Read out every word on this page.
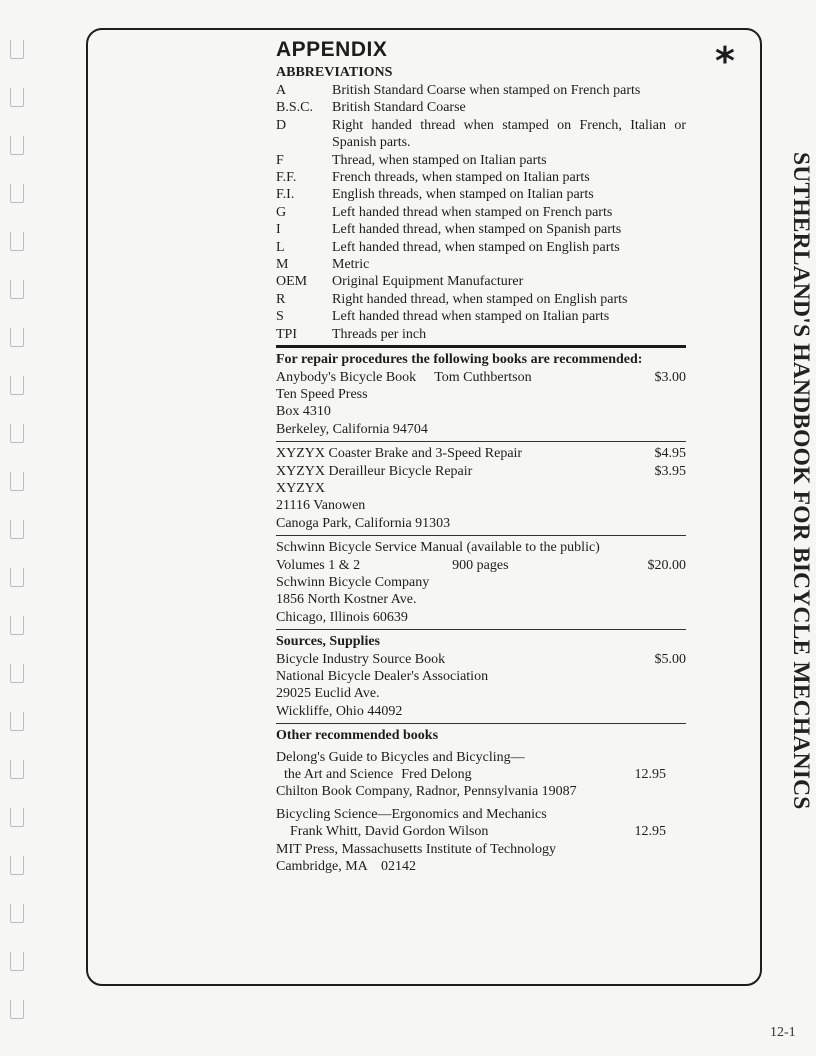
*
SUTHERLAND'S HANDBOOK FOR BICYCLE MECHANICS
12-1
APPENDIX
ABBREVIATIONS
A	British Standard Coarse when stamped on French parts
B.S.C.	British Standard Coarse
D	Right handed thread when stamped on French, Italian or Spanish parts.
F	Thread, when stamped on Italian parts
F.F.	French threads, when stamped on Italian parts
F.I.	English threads, when stamped on Italian parts
G	Left handed thread when stamped on French parts
I	Left handed thread, when stamped on Spanish parts
L	Left handed thread, when stamped on English parts
M	Metric
OEM	Original Equipment Manufacturer
R	Right handed thread, when stamped on English parts
S	Left handed thread when stamped on Italian parts
TPI	Threads per inch
For repair procedures the following books are recommended:
Anybody's Bicycle Book	Tom Cuthbertson	$3.00
Ten Speed Press
Box 4310
Berkeley, California 94704
XYZYX Coaster Brake and 3-Speed Repair	$4.95
XYZYX Derailleur Bicycle Repair	$3.95
XYZYX
21116 Vanowen
Canoga Park, California 91303
Schwinn Bicycle Service Manual (available to the public)
Volumes 1 & 2	900 pages	$20.00
Schwinn Bicycle Company
1856 North Kostner Ave.
Chicago, Illinois 60639
Sources, Supplies
Bicycle Industry Source Book	$5.00
National Bicycle Dealer's Association
29025 Euclid Ave.
Wickliffe, Ohio 44092
Other recommended books
Delong's Guide to Bicycles and Bicycling—
the Art and Science Fred Delong	12.95
Chilton Book Company, Radnor, Pennsylvania 19087
Bicycling Science—Ergonomics and Mechanics
Frank Whitt, David Gordon Wilson	12.95
MIT Press, Massachusetts Institute of Technology
Cambridge, MA    02142
